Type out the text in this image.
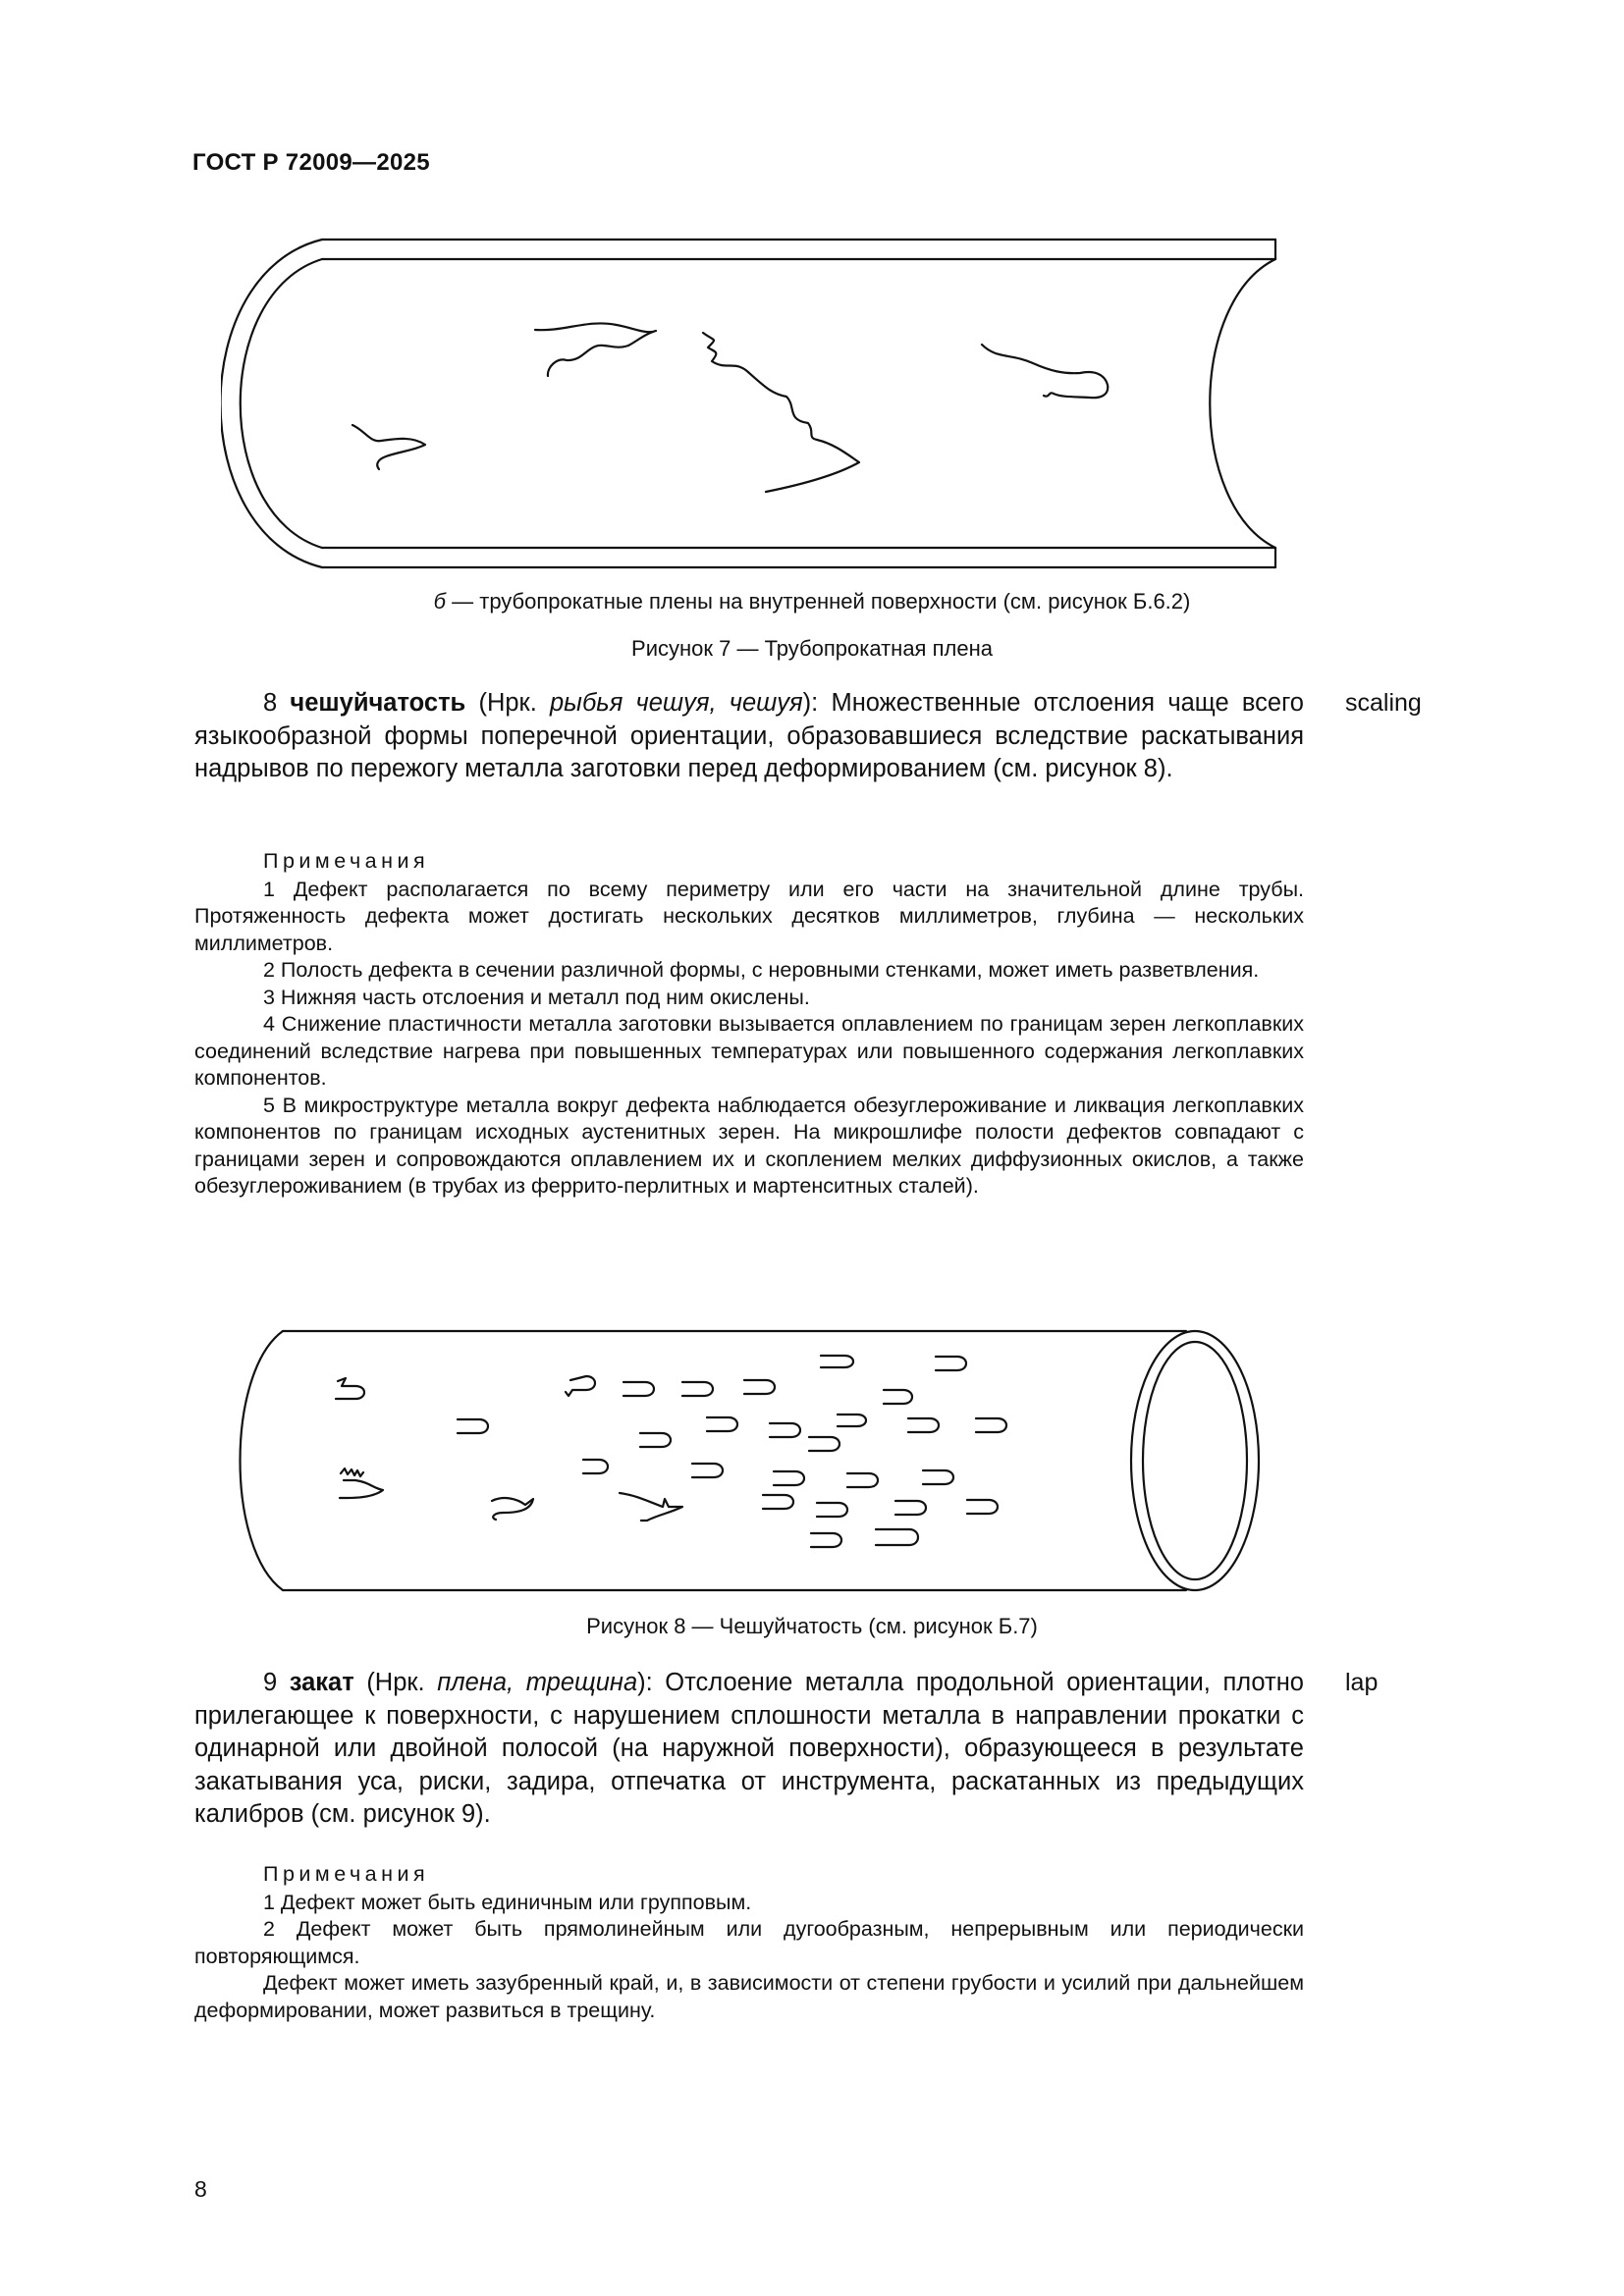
ГОСТ Р 72009—2025
б — трубопрокатные плены на внутренней поверхности (см. рисунок Б.6.2)
Рисунок 7 — Трубопрокатная плена

8 чешуйчатость (Нрк. рыбья чешуя, чешуя): Множественные отслоения чаще всего языкообразной формы поперечной ориентации, образовавшиеся вследствие раскатывания надрывов по пережогу металла заготовки перед деформированием (см. рисунок 8).

scaling
Примечания

1 Дефект располагается по всему периметру или его части на значительной длине трубы. Протяженность дефекта может достигать нескольких десятков миллиметров, глубина — нескольких миллиметров.

2 Полость дефекта в сечении различной формы, с неровными стенками, может иметь разветвления.

3 Нижняя часть отслоения и металл под ним окислены.

4 Снижение пластичности металла заготовки вызывается оплавлением по границам зерен легкоплавких соединений вследствие нагрева при повышенных температурах или повышенного содержания легкоплавких компонентов.

5 В микроструктуре металла вокруг дефекта наблюдается обезуглероживание и ликвация легкоплавких компонентов по границам исходных аустенитных зерен. На микрошлифе полости дефектов совпадают с границами зерен и сопровождаются оплавлением их и скоплением мелких диффузионных окислов, а также обезуглероживанием (в трубах из феррито-перлитных и мартенситных сталей).

Рисунок 8 — Чешуйчатость (см. рисунок Б.7)

9 закат (Нрк. плена, трещина): Отслоение металла продольной ориентации, плотно прилегающее к поверхности, с нарушением сплошности металла в направлении прокатки с одинарной или двойной полосой (на наружной поверхности), образующееся в результате закатывания уса, риски, задира, отпечатка от инструмента, раскатанных из предыдущих калибров (см. рисунок 9).

lap
Примечания

1 Дефект может быть единичным или групповым.

2 Дефект может быть прямолинейным или дугообразным, непрерывным или периодически повторяющимся.

Дефект может иметь зазубренный край, и, в зависимости от степени грубости и усилий при дальнейшем деформировании, может развиться в трещину.

8
